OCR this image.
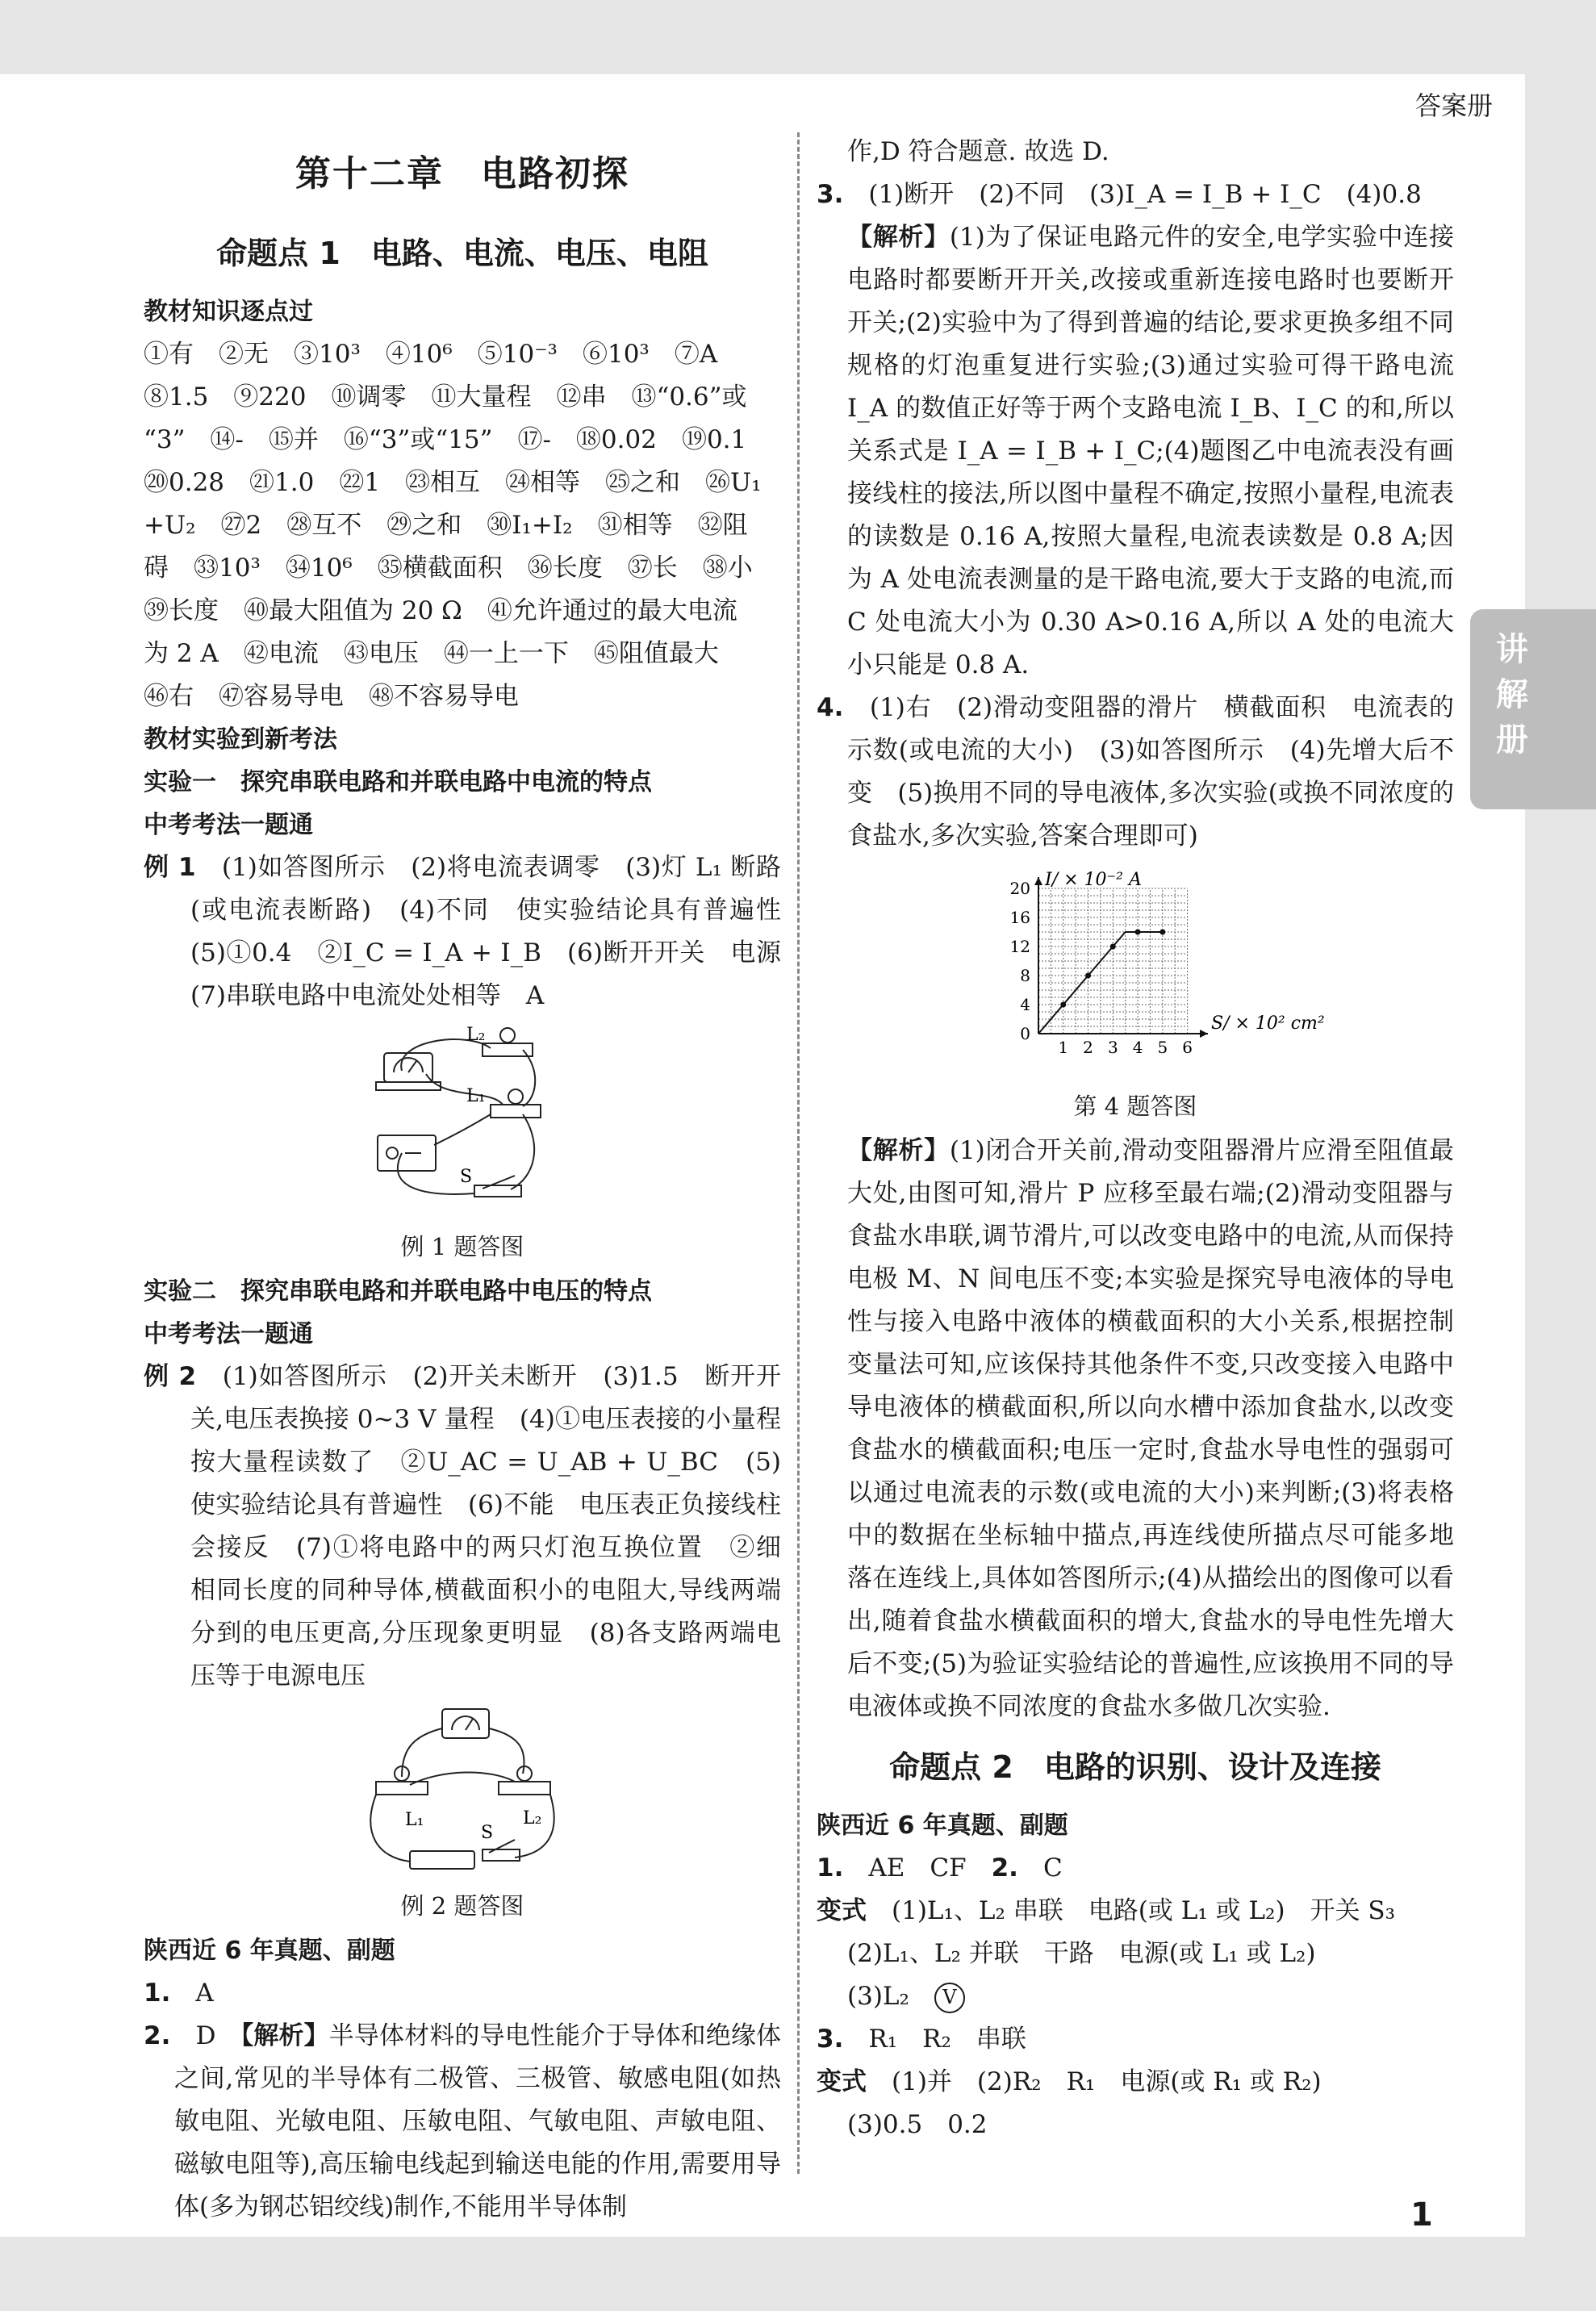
答案册
第十二章　电路初探
命题点 1　电路、电流、电压、电阻
教材知识逐点过
①有　②无　③10³　④10⁶　⑤10⁻³　⑥10³　⑦A
⑧1.5　⑨220　⑩调零　⑪大量程　⑫串　⑬“0.6”或
“3”　⑭-　⑮并　⑯“3”或“15”　⑰-　⑱0.02　⑲0.1
⑳0.28　㉑1.0　㉒1　㉓相互　㉔相等　㉕之和　㉖U₁
+U₂　㉗2　㉘互不　㉙之和　㉚I₁+I₂　㉛相等　㉜阻
碍　㉝10³　㉞10⁶　㉟横截面积　㊱长度　㊲长　㊳小
㊴长度　㊵最大阻值为 20 Ω　㊶允许通过的最大电流
为 2 A　㊷电流　㊸电压　㊹一上一下　㊺阻值最大
㊻右　㊼容易导电　㊽不容易导电
教材实验到新考法
实验一　探究串联电路和并联电路中电流的特点
中考考法一题通
例 1　 (1)如答图所示　(2)将电流表调零　(3)灯 L₁ 断路(或电流表断路)　(4)不同　使实验结论具有普遍性　(5)①0.4　②I_C = I_A + I_B　(6)断开开关　电源　(7)串联电路中电流处处相等　A
L₂
L₁
S
例 1 题答图
实验二　探究串联电路和并联电路中电压的特点
中考考法一题通
例 2　 (1)如答图所示　(2)开关未断开　(3)1.5　断开开关,电压表换接 0~3 V 量程　(4)①电压表接的小量程按大量程读数了　②U_AC = U_AB + U_BC　(5)使实验结论具有普遍性　(6)不能　电压表正负接线柱会接反　(7)①将电路中的两只灯泡互换位置　②细　相同长度的同种导体,横截面积小的电阻大,导线两端分到的电压更高,分压现象更明显　(8)各支路两端电压等于电源电压
L₁	L₂
S
例 2 题答图
陕西近 6 年真题、副题
1.　 A
2.　 D　 【解析】半导体材料的导电性能介于导体和绝缘体之间,常见的半导体有二极管、三极管、敏感电阻(如热敏电阻、光敏电阻、压敏电阻、气敏电阻、声敏电阻、磁敏电阻等),高压输电线起到输送电能的作用,需要用导体(多为钢芯铝绞线)制作,不能用半导体制
作,D 符合题意. 故选 D.
3.　 (1)断开　(2)不同　(3)I_A = I_B + I_C　(4)0.8
【解析】(1)为了保证电路元件的安全,电学实验中连接电路时都要断开开关,改接或重新连接电路时也要断开开关;(2)实验中为了得到普遍的结论,要求更换多组不同规格的灯泡重复进行实验;(3)通过实验可得干路电流 I_A 的数值正好等于两个支路电流 I_B、I_C 的和,所以关系式是 I_A = I_B + I_C;(4)题图乙中电流表没有画接线柱的接法,所以图中量程不确定,按照小量程,电流表的读数是 0.16 A,按照大量程,电流表读数是 0.8 A;因为 A 处电流表测量的是干路电流,要大于支路的电流,而 C 处电流大小为 0.30 A>0.16 A,所以 A 处的电流大小只能是 0.8 A.
4.　 (1)右　(2)滑动变阻器的滑片　横截面积　电流表的示数(或电流的大小)　(3)如答图所示　(4)先增大后不变　(5)换用不同的导电液体,多次实验(或换不同浓度的食盐水,多次实验,答案合理即可)
1 2 3 4 5 6
0
4
8
12
16
20 I/ × 10⁻² A
S/ × 10² cm²
第 4 题答图
【解析】(1)闭合开关前,滑动变阻器滑片应滑至阻值最大处,由图可知,滑片 P 应移至最右端;(2)滑动变阻器与食盐水串联,调节滑片,可以改变电路中的电流,从而保持电极 M、N 间电压不变;本实验是探究导电液体的导电性与接入电路中液体的横截面积的大小关系,根据控制变量法可知,应该保持其他条件不变,只改变接入电路中导电液体的横截面积,所以向水槽中添加食盐水,以改变食盐水的横截面积;电压一定时,食盐水导电性的强弱可以通过电流表的示数(或电流的大小)来判断;(3)将表格中的数据在坐标轴中描点,再连线使所描点尽可能多地落在连线上,具体如答图所示;(4)从描绘出的图像可以看出,随着食盐水横截面积的增大,食盐水的导电性先增大后不变;(5)为验证实验结论的普遍性,应该换用不同的导电液体或换不同浓度的食盐水多做几次实验.
命题点 2　电路的识别、设计及连接
陕西近 6 年真题、副题
1.　 AE　CF　 2.　 C
变式　 (1)L₁、L₂ 串联　电路(或 L₁ 或 L₂)　开关 S₃
(2)L₁、L₂ 并联　干路　电源(或 L₁ 或 L₂)
(3)L₂　 V
3.　 R₁　R₂　串联
变式　 (1)并　(2)R₂　R₁　电源(或 R₁ 或 R₂)
(3)0.5　0.2
1
讲解册
